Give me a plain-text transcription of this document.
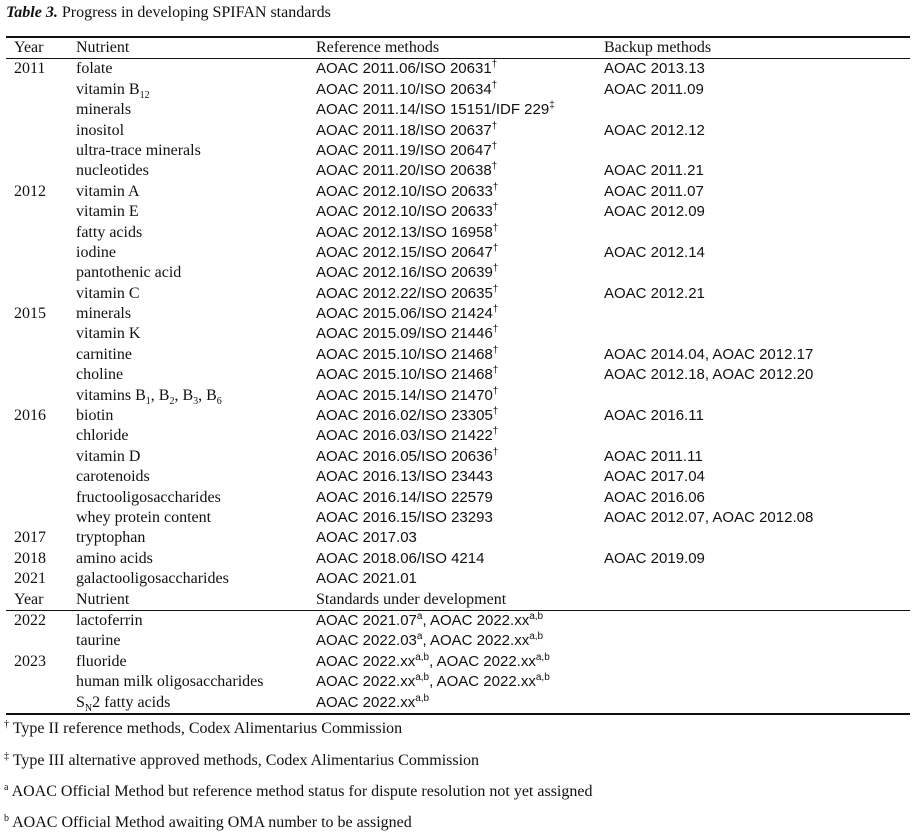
Table 3. Progress in developing SPIFAN standards
Year	Nutrient	Reference methods	Backup methods
2011	folate	AOAC 2011.06/ISO 20631†	AOAC 2013.13
	vitamin $B_{12}$	AOAC 2011.10/ISO 20634†	AOAC 2011.09
	minerals	AOAC 2011.14/ISO 15151/IDF 229‡	
	inositol	AOAC 2011.18/ISO 20637†	AOAC 2012.12
	ultra-trace minerals	AOAC 2011.19/ISO 20647†	
	nucleotides	AOAC 2011.20/ISO 20638†	AOAC 2011.21
2012	vitamin A	AOAC 2012.10/ISO 20633†	AOAC 2011.07
	vitamin E	AOAC 2012.10/ISO 20633†	AOAC 2012.09
	fatty acids	AOAC 2012.13/ISO 16958†	
	iodine	AOAC 2012.15/ISO 20647†	AOAC 2012.14
	pantothenic acid	AOAC 2012.16/ISO 20639†	
	vitamin C	AOAC 2012.22/ISO 20635†	AOAC 2012.21
2015	minerals	AOAC 2015.06/ISO 21424†	
	vitamin K	AOAC 2015.09/ISO 21446†	
	carnitine	AOAC 2015.10/ISO 21468†	AOAC 2014.04, AOAC 2012.17
	choline	AOAC 2015.10/ISO 21468†	AOAC 2012.18, AOAC 2012.20
	vitamins $B_1$, $B_2$, $B_3$, $B_6$	AOAC 2015.14/ISO 21470†	
2016	biotin	AOAC 2016.02/ISO 23305†	AOAC 2016.11
	chloride	AOAC 2016.03/ISO 21422†	
	vitamin D	AOAC 2016.05/ISO 20636†	AOAC 2011.11
	carotenoids	AOAC 2016.13/ISO 23443	AOAC 2017.04
	fructooligosaccharides	AOAC 2016.14/ISO 22579	AOAC 2016.06
	whey protein content	AOAC 2016.15/ISO 23293	AOAC 2012.07, AOAC 2012.08
2017	tryptophan	AOAC 2017.03	
2018	amino acids	AOAC 2018.06/ISO 4214	AOAC 2019.09
2021	galactooligosaccharides	AOAC 2021.01	
Year	Nutrient	Standards under development	
2022	lactoferrin	AOAC 2021.07$^a$, AOAC 2022.xx$^{a,b}$
	taurine	AOAC 2022.03$^a$, AOAC 2022.xx$^{a,b}$
2023	fluoride	AOAC 2022.xx$^{a,b}$, AOAC 2022.xx$^{a,b}$
	human milk oligosaccharides	AOAC 2022.xx$^{a,b}$, AOAC 2022.xx$^{a,b}$
	$S_N2$ fatty acids	AOAC 2022.xx$^{a,b}$
† Type II reference methods, Codex Alimentarius Commission
‡ Type III alternative approved methods, Codex Alimentarius Commission
$^a$ AOAC Official Method but reference method status for dispute resolution not yet assigned
$^b$ AOAC Official Method awaiting OMA number to be assigned
